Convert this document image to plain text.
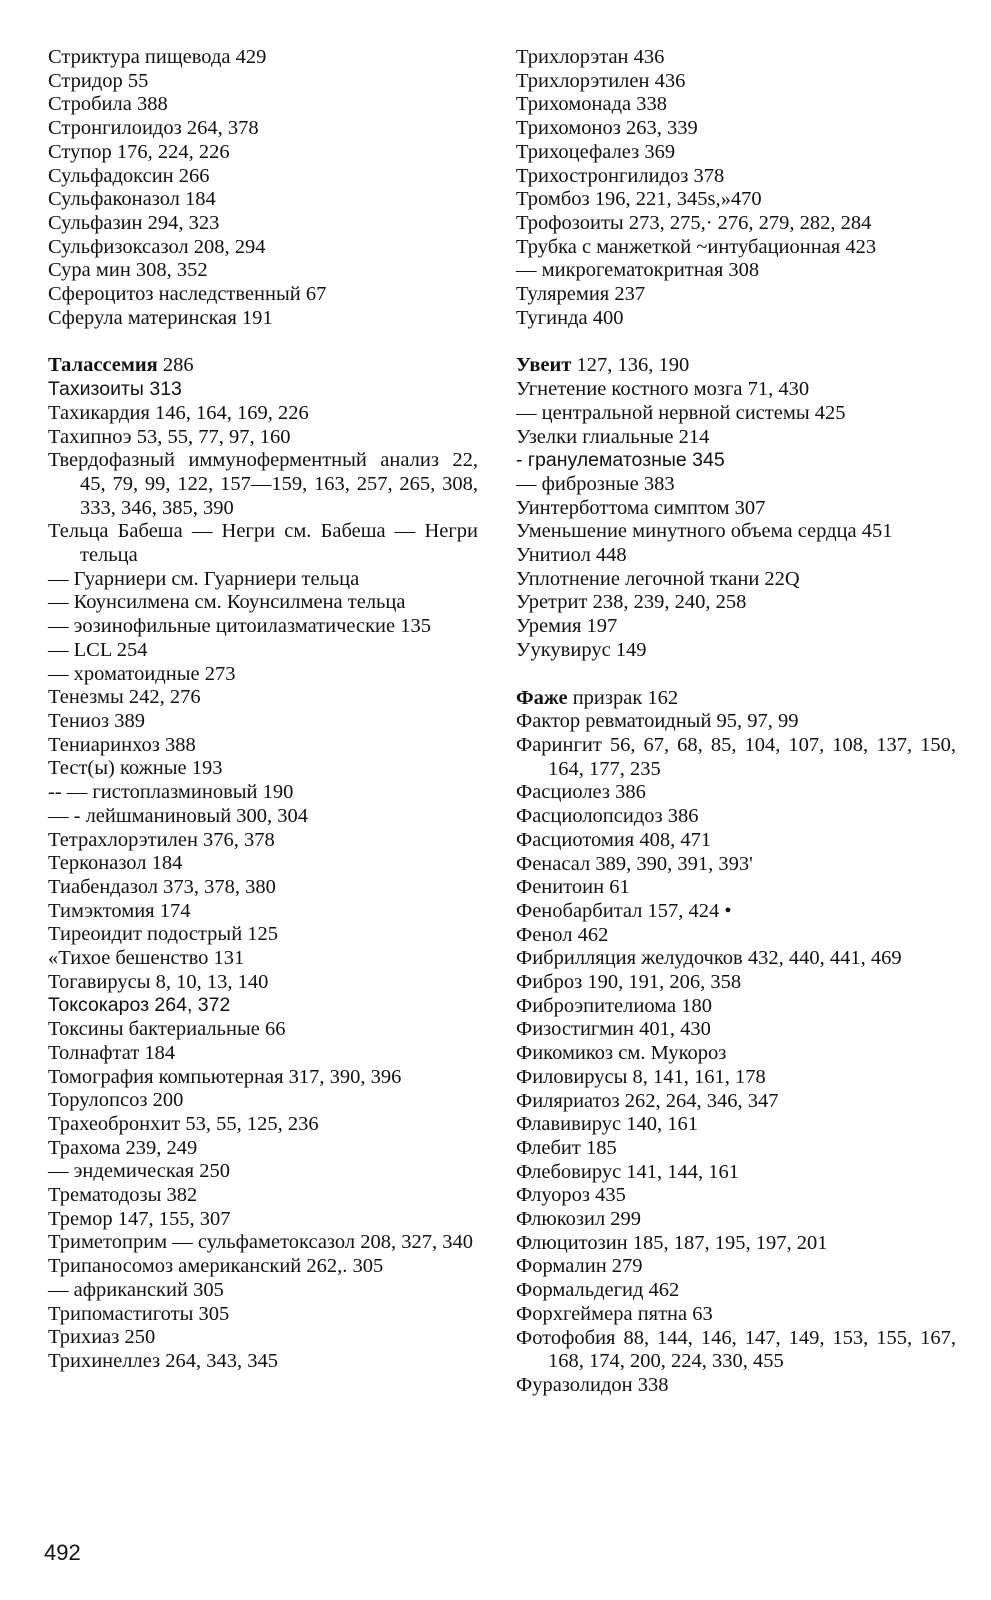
Стриктура пищевода 429

Стридор 55

Стробила 388

Стронгилоидоз 264, 378

Ступор 176, 224, 226

Сульфадоксин 266

Сульфаконазол 184

Сульфазин 294, 323

Сульфизоксазол 208, 294

Сура мин 308, 352

Сфероцитоз наследственный 67

Сферула материнская 191

Талассемия 286

Тахизоиты 313

Тахикардия 146, 164, 169, 226

Тахипноэ 53, 55, 77, 97, 160

Твердофазный иммуноферментный анализ 22, 45, 79, 99, 122, 157—159, 163, 257, 265, 308, 333, 346, 385, 390

Тельца Бабеша — Негри см. Бабеша — Негри тельца

— Гуарниери см. Гуарниери тельца

— Коунсилмена см. Коунсилмена тельца

— эозинофильные цитоилазматические 135

— LCL 254

— хроматоидные 273

Тенезмы 242, 276

Тениоз 389

Тениаринхоз 388

Тест(ы) кожные 193

-- — гистоплазминовый 190

— - лейшманиновый 300, 304

Тетрахлорэтилен 376, 378

Терконазол 184

Тиабендазол 373, 378, 380

Тимэктомия 174

Тиреоидит подострый 125

«Тихое бешенство 131

Тогавирусы 8, 10, 13, 140

Токсокароз 264, 372

Токсины бактериальные 66

Толнафтат 184

Томография компьютерная 317, 390, 396

Торулопсоз 200

Трахеобронхит 53, 55, 125, 236

Трахома 239, 249

— эндемическая 250

Трематодозы 382

Тремор 147, 155, 307

Триметоприм — сульфаметоксазол 208, 327, 340

Трипаносомоз американский 262,. 305

— африканский 305

Трипомастиготы 305

Трихиаз 250

Трихинеллез 264, 343, 345

Трихлорэтан 436

Трихлорэтилен 436

Трихомонада 338

Трихомоноз 263, 339

Трихоцефалез 369

Трихостронгилидоз 378

Тромбоз 196, 221, 345s,»470

Трофозоиты 273, 275,· 276, 279, 282, 284

Трубка с манжеткой ~интубационная 423

— микрогематокритная 308

Туляремия 237

Тугинда 400

Увеит 127, 136, 190

Угнетение костного мозга 71, 430

— центральной нервной системы 425

Узелки глиальные 214

- гранулематозные 345

— фиброзные 383

Уинтерботтома симптом 307

Уменьшение минутного объема сердца 451

Унитиол 448

Уплотнение легочной ткани 22Q

Уретрит 238, 239, 240, 258

Уремия 197

Уукувирус 149

Фаже призрак 162

Фактор ревматоидный 95, 97, 99

Фарингит 56, 67, 68, 85, 104, 107, 108, 137, 150, 164, 177, 235

Фасциолез 386

Фасциолопсидоз 386

Фасциотомия 408, 471

Фенасал 389, 390, 391, 393'

Фенитоин 61

Фенобарбитал 157, 424 •

Фенол 462

Фибрилляция желудочков 432, 440, 441, 469

Фиброз 190, 191, 206, 358

Фиброэпителиома 180

Физостигмин 401, 430

Фикомикоз см. Мукороз

Филовирусы 8, 141, 161, 178

Филяриатоз 262, 264, 346, 347

Флавивирус 140, 161

Флебит 185

Флебовирус 141, 144, 161

Флуороз 435

Флюкозил 299

Флюцитозин 185, 187, 195, 197, 201

Формалин 279

Формальдегид 462

Форхгеймера пятна 63

Фотофобия 88, 144, 146, 147, 149, 153, 155, 167, 168, 174, 200, 224, 330, 455

Фуразолидон 338

492
